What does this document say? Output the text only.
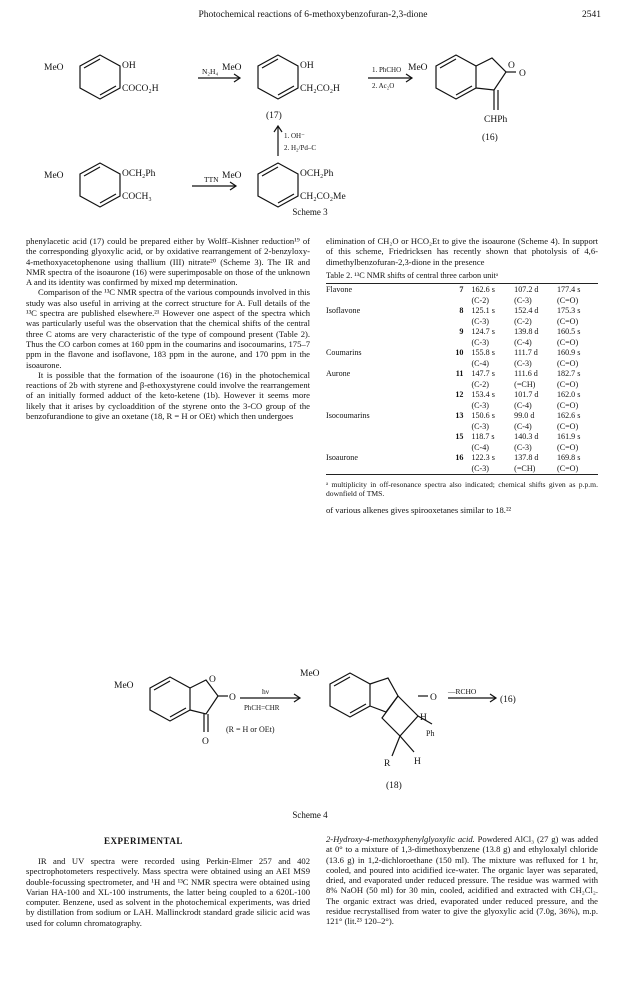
Photochemical reactions of 6-methoxybenzofuran-2,3-dione	2541
MeO	OH
COCO₂H
N₂H₄ MeO	OH
CH₂CO₂H
(17)
1. PhCHO
2. Ac₂O
MeO	O
O
CHPh
(16)
1. OH⁻
2. H₂/Pd–C
MeO	OCH₂Ph
COCH₃
TTN MeO	OCH₂Ph
CH₂CO₂Me
Scheme 3

phenylacetic acid (17) could be prepared either by Wolff–Kishner reduction¹⁹ of the corresponding glyoxylic acid, or by oxidative rearrangement of 2-benzyloxy-4-methoxyacetophenone using thallium (III) nitrate²⁰ (Scheme 3). The IR and NMR spectra of the isoaurone (16) were superimposable on those of the unknown A and its identity was confirmed by mixed mp determination.

Comparison of the ¹³C NMR spectra of the various compounds involved in this study was also useful in arriving at the correct structure for A. Full details of the ¹³C spectra are published elsewhere.²¹ However one aspect of the spectra which was particularly useful was the observation that the chemical shifts of the central three C atoms are very characteristic of the type of compound present (Table 2). Thus the CO carbon comes at 160 ppm in the coumarins and isocoumarins, 175–7 ppm in the flavone and isoflavone, 183 ppm in the aurone, and 170 ppm in the isoaurone.

It is possible that the formation of the isoaurone (16) in the photochemical reactions of 2b with styrene and β-ethoxystyrene could involve the rearrangement of an initially formed adduct of the keto-ketene (1b). However it seems more likely that it arises by cycloaddition of the styrene onto the 3-CO group of the benzofurandione to give an oxetane (18, R = H or OEt) which then undergoes

elimination of CH₂O or HCO₂Et to give the isoaurone (Scheme 4). In support of this scheme, Friedricksen has recently shown that photolysis of 4,6-dimethylbenzofuran-2,3-dione in the presence

Table 2. ¹³C NMR shifts of central three carbon unitᵃ

Flavone	7	162.6 s	107.2 d	177.4 s
		(C-2)	(C-3)	(C=O)
Isoflavone	8	125.1 s	152.4 d	175.3 s
		(C-3)	(C-2)	(C=O)
	9	124.7 s	139.8 d	160.5 s
		(C-3)	(C-4)	(C=O)
Coumarins	10	155.8 s	111.7 d	160.9 s
		(C-4)	(C-3)	(C=O)
Aurone	11	147.7 s	111.6 d	182.7 s
		(C-2)	(=CH)	(C=O)
	12	153.4 s	101.7 d	162.0 s
		(C-3)	(C-4)	(C=O)
Isocoumarins	13	150.6 s	99.0 d	162.6 s
		(C-3)	(C-4)	(C=O)
	15	118.7 s	140.3 d	161.9 s
		(C-4)	(C-3)	(C=O)
Isoaurone	16	122.3 s	137.8 d	169.8 s
		(C-3)	(=CH)	(C=O)

ᵃ multiplicity in off-resonance spectra also indicated; chemical shifts given as p.p.m. downfield of TMS.

of various alkenes gives spirooxetanes similar to 18.²²

MeO
O
O
O
hν
PhCH=CHR
(R = H or OEt)
MeO
O
H
Ph
R H
—RCHO
(16)
(18)
Scheme 4
EXPERIMENTAL

IR and UV spectra were recorded using Perkin-Elmer 257 and 402 spectrophotometers respectively. Mass spectra were obtained using an AEI MS9 double-focussing spectrometer, and ¹H and ¹³C NMR spectra were obtained using Varian HA-100 and XL-100 instruments, the latter being coupled to a 620L-100 computer. Benzene, used as solvent in the photochemical experiments, was dried by distillation from sodium or LAH. Mallinckrodt standard grade silicic acid was used for column chromatography.

2-Hydroxy-4-methoxyphenylglyoxylic acid. Powdered AlCl₃ (27 g) was added at 0° to a mixture of 1,3-dimethoxybenzene (13.8 g) and ethyloxalyl chloride (13.6 g) in 1,2-dichloroethane (150 ml). The mixture was refluxed for 1 hr, cooled, and poured into acidified ice-water. The organic layer was separated, dried, and evaporated under reduced pressure. The residue was warmed with 8% NaOH (50 ml) for 30 min, cooled, acidified and extracted with CH₂Cl₂. The organic extract was dried, evaporated under reduced pressure, and the residue recrystallised from water to give the glyoxylic acid (7.0g, 36%), m.p. 121° (lit.²³ 120–2°).
